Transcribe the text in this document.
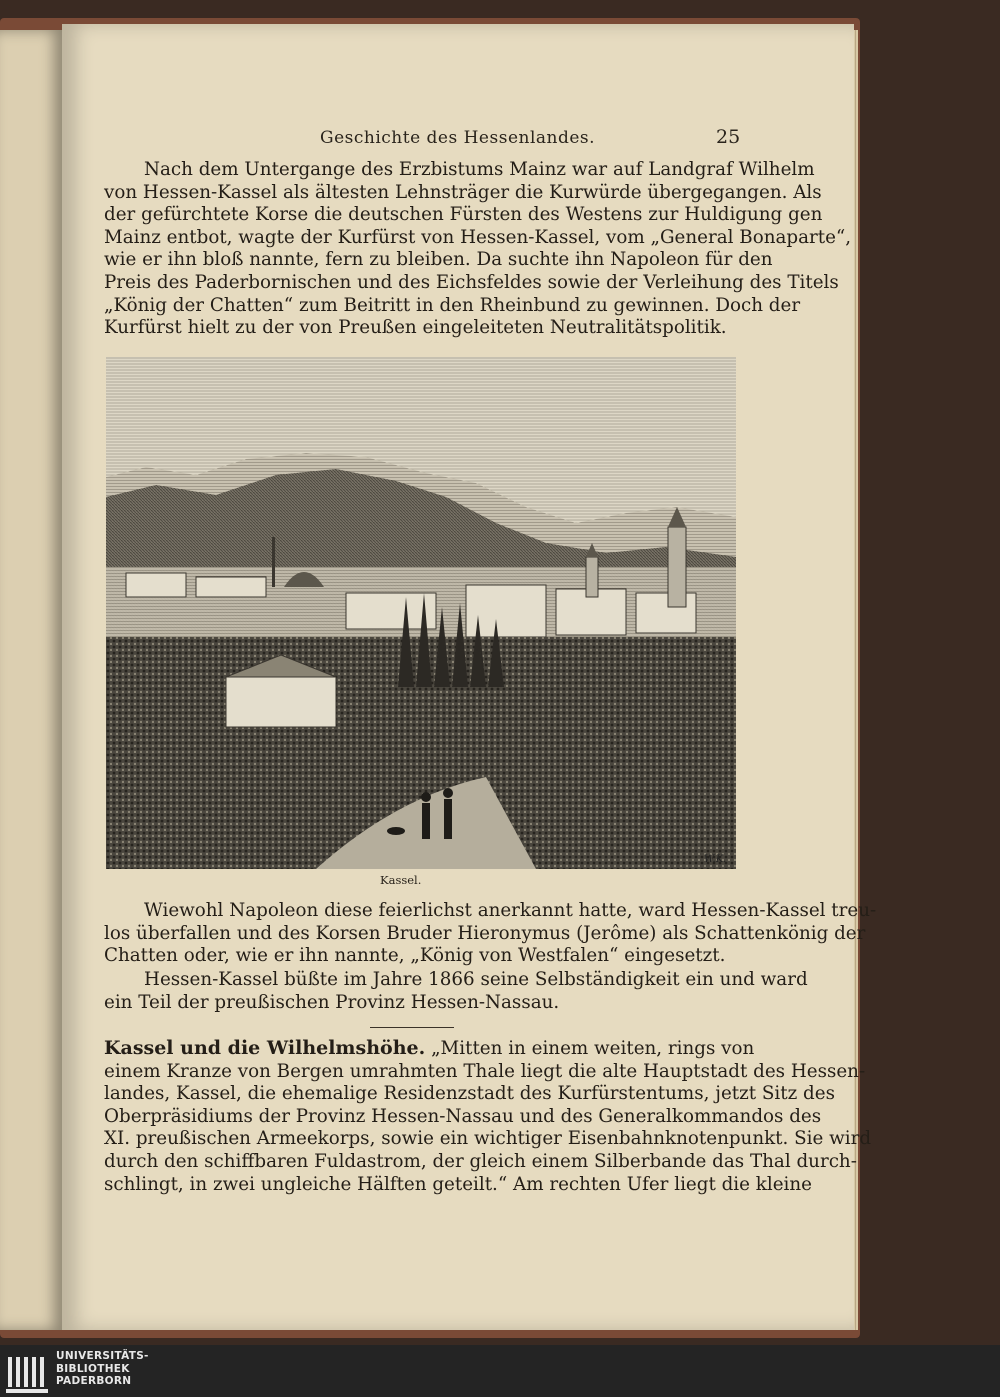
Geschichte des Hessenlandes.	25
Nach dem Untergange des Erzbistums Mainz war auf Landgraf Wilhelm
von Hessen-Kassel als ältesten Lehnsträger die Kurwürde übergegangen. Als
der gefürchtete Korse die deutschen Fürsten des Westens zur Huldigung gen
Mainz entbot, wagte der Kurfürst von Hessen-Kassel, vom „General Bonaparte“,
wie er ihn bloß nannte, fern zu bleiben. Da suchte ihn Napoleon für den
Preis des Paderbornischen und des Eichsfeldes sowie der Verleihung des Titels
„König der Chatten“ zum Beitritt in den Rheinbund zu gewinnen. Doch der
Kurfürst hielt zu der von Preußen eingeleiteten Neutralitätspolitik.
W.K.
Kassel.
Wiewohl Napoleon diese feierlichst anerkannt hatte, ward Hessen-Kassel treu-
los überfallen und des Korsen Bruder Hieronymus (Jerôme) als Schattenkönig der
Chatten oder, wie er ihn nannte, „König von Westfalen“ eingesetzt.
Hessen-Kassel büßte im Jahre 1866 seine Selbständigkeit ein und ward
ein Teil der preußischen Provinz Hessen-Nassau.
Kassel und die Wilhelmshöhe. „Mitten in einem weiten, rings von
einem Kranze von Bergen umrahmten Thale liegt die alte Hauptstadt des Hessen-
landes, Kassel, die ehemalige Residenzstadt des Kurfürstentums, jetzt Sitz des
Oberpräsidiums der Provinz Hessen-Nassau und des Generalkommandos des
XI. preußischen Armeekorps, sowie ein wichtiger Eisenbahnknotenpunkt. Sie wird
durch den schiffbaren Fuldastrom, der gleich einem Silberbande das Thal durch-
schlingt, in zwei ungleiche Hälften geteilt.“ Am rechten Ufer liegt die kleine
UNIVERSITÄTS-
BIBLIOTHEK
PADERBORN
